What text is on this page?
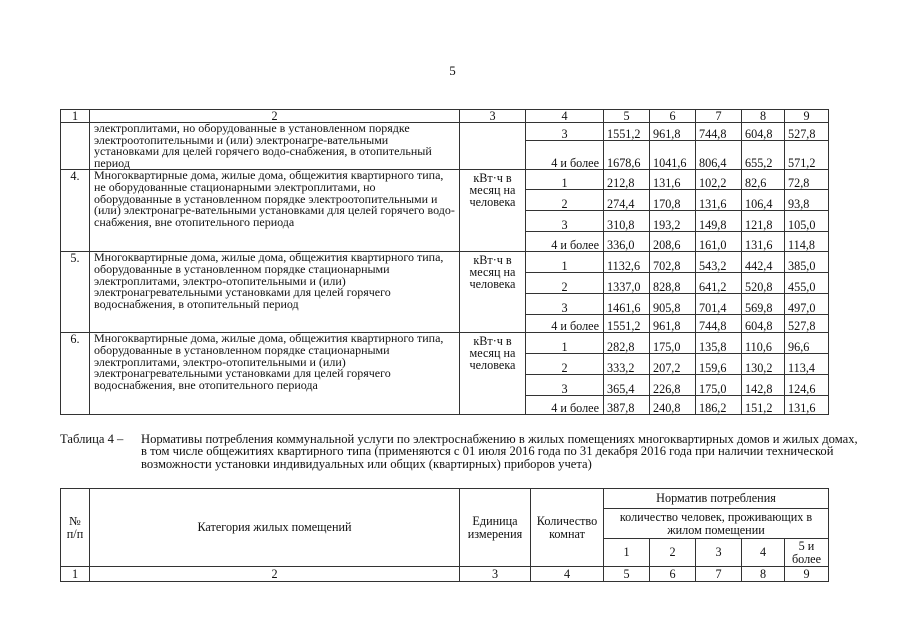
5
1	2	3	4	5	6	7	8	9
	электроплитами, но оборудованные в установленном порядке электроотопительными и (или) электронагре-вательными установками для целей горячего водо-снабжения, в отопительный период		3	1551,2	961,8	744,8	604,8	527,8
			4 и более	1678,6	1041,6	806,4	655,2	571,2
4.	Многоквартирные дома, жилые дома, общежития квартирного типа, не оборудованные стационарными электроплитами, но оборудованные в установленном порядке электроотопительными и (или) электронагре-вательными установками для целей горячего водо-снабжения, вне отопительного периода	кВт·ч в месяц на человека	1	212,8	131,6	102,2	82,6	72,8
			2	274,4	170,8	131,6	106,4	93,8
			3	310,8	193,2	149,8	121,8	105,0
			4 и более	336,0	208,6	161,0	131,6	114,8
5.	Многоквартирные дома, жилые дома, общежития квартирного типа, оборудованные в установленном порядке стационарными электроплитами, электро-отопительными и (или) электронагревательными установками для целей горячего водоснабжения, в отопительный период	кВт·ч в месяц на человека	1	1132,6	702,8	543,2	442,4	385,0
			2	1337,0	828,8	641,2	520,8	455,0
			3	1461,6	905,8	701,4	569,8	497,0
			4 и более	1551,2	961,8	744,8	604,8	527,8
6.	Многоквартирные дома, жилые дома, общежития квартирного типа, оборудованные в установленном порядке стационарными электроплитами, электро-отопительными и (или) электронагревательными установками для целей горячего водоснабжения, вне отопительного периода	кВт·ч в месяц на человека	1	282,8	175,0	135,8	110,6	96,6
			2	333,2	207,2	159,6	130,2	113,4
			3	365,4	226,8	175,0	142,8	124,6
			4 и более	387,8	240,8	186,2	151,2	131,6
Таблица 4 – Нормативы потребления коммунальной услуги по электроснабжению в жилых помещениях многоквартирных домов и жилых домах, в том числе общежитиях квартирного типа (применяются с 01 июля 2016 года по 31 декабря 2016 года при наличии технической возможности установки индивидуальных или общих (квартирных) приборов учета)
№ п/п	Категория жилых помещений	Единица измерения	Количество комнат	Норматив потребления				
				количество человек, проживающих в жилом помещении				
				1	2	3	4	5 и более
1	2	3	4	5	6	7	8	9
